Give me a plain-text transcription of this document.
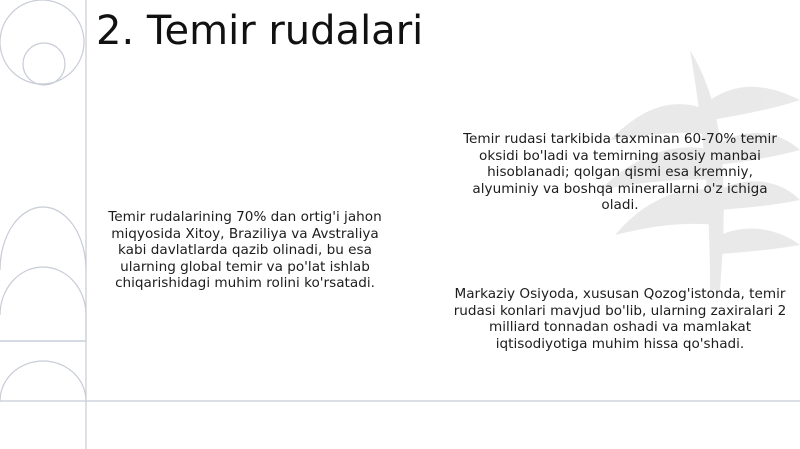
2. Temir rudalari

Temir rudalarining 70% dan ortig'i jahon miqyosida Xitoy, Braziliya va Avstraliya kabi davlatlarda qazib olinadi, bu esa ularning global temir va po'lat ishlab chiqarishidagi muhim rolini ko'rsatadi.

Temir rudasi tarkibida taxminan 60-70% temir oksidi bo'ladi va temirning asosiy manbai hisoblanadi; qolgan qismi esa kremniy, alyuminiy va boshqa minerallarni o'z ichiga oladi.

Markaziy Osiyoda, xususan Qozog'istonda, temir rudasi konlari mavjud bo'lib, ularning zaxiralari 2 milliard tonnadan oshadi va mamlakat iqtisodiyotiga muhim hissa qo'shadi.
